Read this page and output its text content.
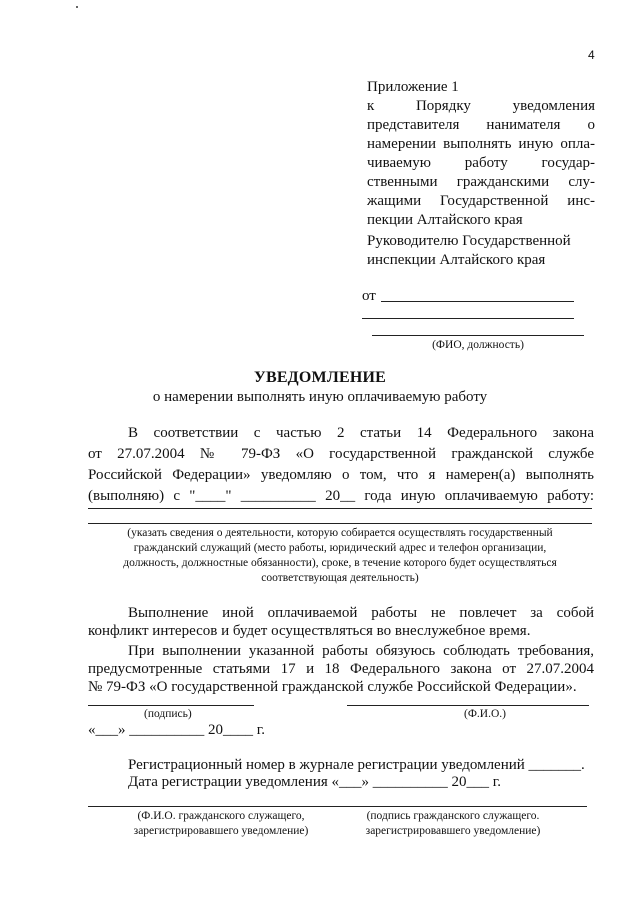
4
Приложение 1
к Порядку уведомления
представителя нанимателя о
намерении выполнять иную опла-
чиваемую работу государ-
ственными гражданскими слу-
жащими Государственной инс-
пекции Алтайского края
Руководителю Государственной
инспекции Алтайского края
от
(ФИО, должность)
УВЕДОМЛЕНИЕ
о намерении выполнять иную оплачиваемую работу
В соответствии с частью 2 статьи 14 Федерального закона
от 27.07.2004 № 79-ФЗ «О государственной гражданской службе
Российской Федерации» уведомляю о том, что я намерен(а) выполнять
(выполняю) с "____" __________ 20__ года иную оплачиваемую работу:
(указать сведения о деятельности, которую собирается осуществлять государственный
гражданский служащий (место работы, юридический адрес и телефон организации,
должность, должностные обязанности), сроке, в течение которого будет осуществляться
соответствующая деятельность)
Выполнение иной оплачиваемой работы не повлечет за собой
конфликт интересов и будет осуществляться во внеслужебное время.
При выполнении указанной работы обязуюсь соблюдать требования,
предусмотренные статьями 17 и 18 Федерального закона от 27.07.2004
№ 79-ФЗ «О государственной гражданской службе Российской Федерации».
(подпись)	(Ф.И.О.)
«___» __________ 20____ г.
Регистрационный номер в журнале регистрации уведомлений _______.
Дата регистрации уведомления «___» __________ 20___ г.
(Ф.И.О. гражданского служащего,
зарегистрировавшего уведомление)
(подпись гражданского служащего.
зарегистрировавшего уведомление)
